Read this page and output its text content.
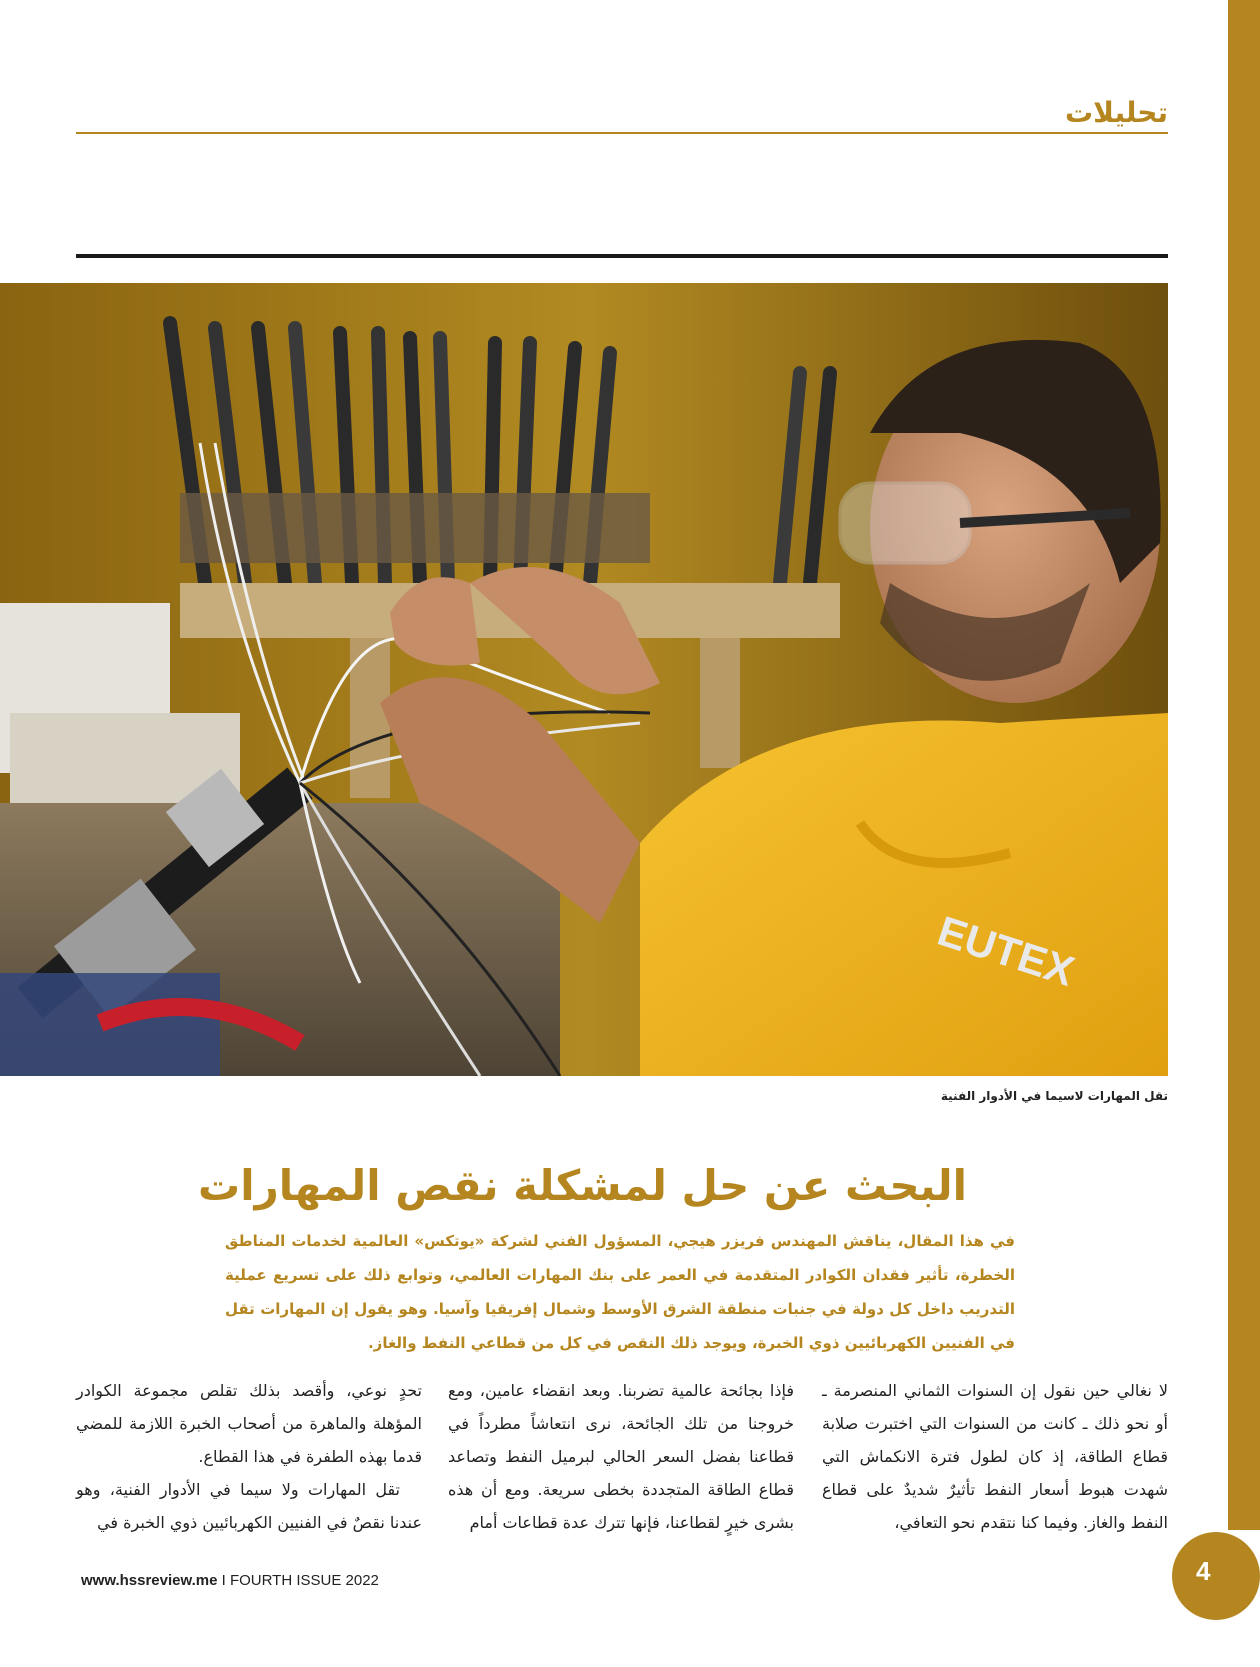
تحليلات
EUTEX
تقل المهارات لاسيما في الأدوار الفنية
البحث عن حل لمشكلة نقص المهارات

في هذا المقال، يناقش المهندس فريزر هيجي، المسؤول الفني لشركة «يوتكس» العالمية لخدمات المناطق الخطرة، تأثير فقدان الكوادر المتقدمة في العمر على بنك المهارات العالمي، وتوابع ذلك على تسريع عملية التدريب داخل كل دولة في جنبات منطقة الشرق الأوسط وشمال إفريقيا وآسيا. وهو يقول إن المهارات تقل في الفنيين الكهربائيين ذوي الخبرة، ويوجد ذلك النقص في كل من قطاعي النفط والغاز.

لا نغالي حين نقول إن السنوات الثماني المنصرمة ـ أو نحو ذلك ـ كانت من السنوات التي اختبرت صلابة قطاع الطاقة، إذ كان لطول فترة الانكماش التي شهدت هبوط أسعار النفط تأثيرٌ شديدٌ على قطاع النفط والغاز. وفيما كنا نتقدم نحو التعافي،

فإذا بجائحة عالمية تضربنا. وبعد انقضاء عامين، ومع خروجنا من تلك الجائحة، نرى انتعاشاً مطرداً في قطاعنا بفضل السعر الحالي لبرميل النفط وتصاعد قطاع الطاقة المتجددة بخطى سريعة. ومع أن هذه بشرى خيرٍ لقطاعنا، فإنها تترك عدة قطاعات أمام

تحدٍ نوعي، وأقصد بذلك تقلص مجموعة الكوادر المؤهلة والماهرة من أصحاب الخبرة اللازمة للمضي قدما بهذه الطفرة في هذا القطاع.

تقل المهارات ولا سيما في الأدوار الفنية، وهو عندنا نقصٌ في الفنيين الكهربائيين ذوي الخبرة في

www.hssreview.me I FOURTH ISSUE 2022	4
